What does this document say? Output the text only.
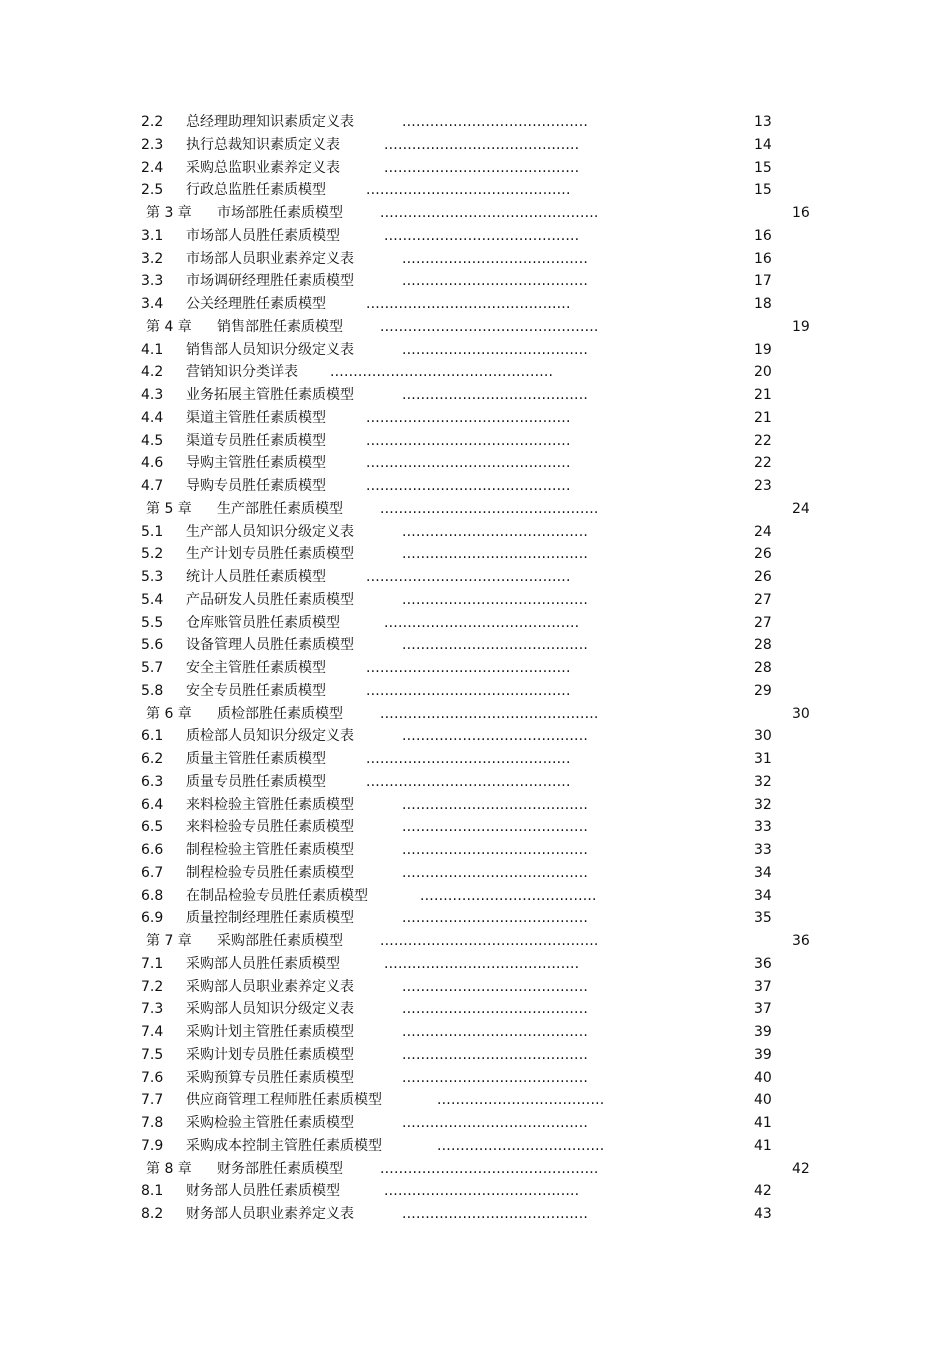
2.2 总经理助理知识素质定义表	........................................	13
2.3 执行总裁知识素质定义表	..........................................	14
2.4 采购总监职业素养定义表	..........................................	15
2.5 行政总监胜任素质模型	............................................	15
第 3 章 市场部胜任素质模型	...............................................	16
3.1 市场部人员胜任素质模型	..........................................	16
3.2 市场部人员职业素养定义表	........................................	16
3.3 市场调研经理胜任素质模型	........................................	17
3.4 公关经理胜任素质模型	............................................	18
第 4 章 销售部胜任素质模型	...............................................	19
4.1 销售部人员知识分级定义表	........................................	19
4.2 营销知识分类详表 ................................................	20
4.3 业务拓展主管胜任素质模型	........................................	21
4.4 渠道主管胜任素质模型	............................................	21
4.5 渠道专员胜任素质模型	............................................	22
4.6 导购主管胜任素质模型	............................................	22
4.7 导购专员胜任素质模型	............................................	23
第 5 章 生产部胜任素质模型	...............................................	24
5.1 生产部人员知识分级定义表	........................................	24
5.2 生产计划专员胜任素质模型	........................................	26
5.3 统计人员胜任素质模型	............................................	26
5.4 产品研发人员胜任素质模型	........................................	27
5.5 仓库账管员胜任素质模型	..........................................	27
5.6 设备管理人员胜任素质模型	........................................	28
5.7 安全主管胜任素质模型	............................................	28
5.8 安全专员胜任素质模型	............................................	29
第 6 章 质检部胜任素质模型	...............................................	30
6.1 质检部人员知识分级定义表	........................................	30
6.2 质量主管胜任素质模型	............................................	31
6.3 质量专员胜任素质模型	............................................	32
6.4 来料检验主管胜任素质模型	........................................	32
6.5 来料检验专员胜任素质模型	........................................	33
6.6 制程检验主管胜任素质模型	........................................	33
6.7 制程检验专员胜任素质模型	........................................	34
6.8 在制品检验专员胜任素质模型	......................................	34
6.9 质量控制经理胜任素质模型	........................................	35
第 7 章 采购部胜任素质模型	...............................................	36
7.1 采购部人员胜任素质模型	..........................................	36
7.2 采购部人员职业素养定义表	........................................	37
7.3 采购部人员知识分级定义表	........................................	37
7.4 采购计划主管胜任素质模型	........................................	39
7.5 采购计划专员胜任素质模型	........................................	39
7.6 采购预算专员胜任素质模型	........................................	40
7.7 供应商管理工程师胜任素质模型	....................................	40
7.8 采购检验主管胜任素质模型	........................................	41
7.9 采购成本控制主管胜任素质模型	....................................	41
第 8 章 财务部胜任素质模型	...............................................	42
8.1 财务部人员胜任素质模型	..........................................	42
8.2 财务部人员职业素养定义表	........................................	43
